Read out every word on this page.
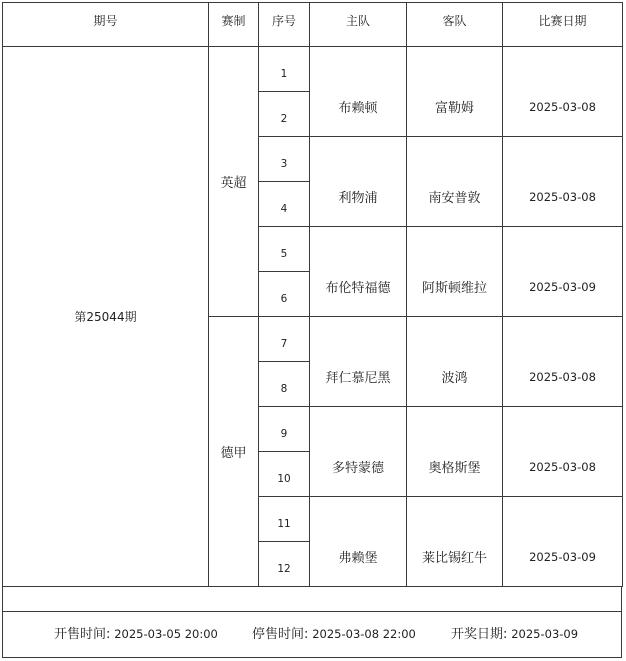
期号	赛制	序号	主队	客队	比赛日期

第25044期	英超	1	布赖顿	富勒姆	2025-03-08

		2			

		3	利物浦	南安普敦	2025-03-08

		4			

		5	布伦特福德	阿斯顿维拉	2025-03-09

		6			

	德甲	7	拜仁慕尼黑	波鸿	2025-03-08

		8			

		9	多特蒙德	奥格斯堡	2025-03-08

		10			

		11	弗赖堡	莱比锡红牛	2025-03-09

		12			
开售时间: 2025-03-05 20:00	停售时间: 2025-03-08 22:00	开奖日期: 2025-03-09
